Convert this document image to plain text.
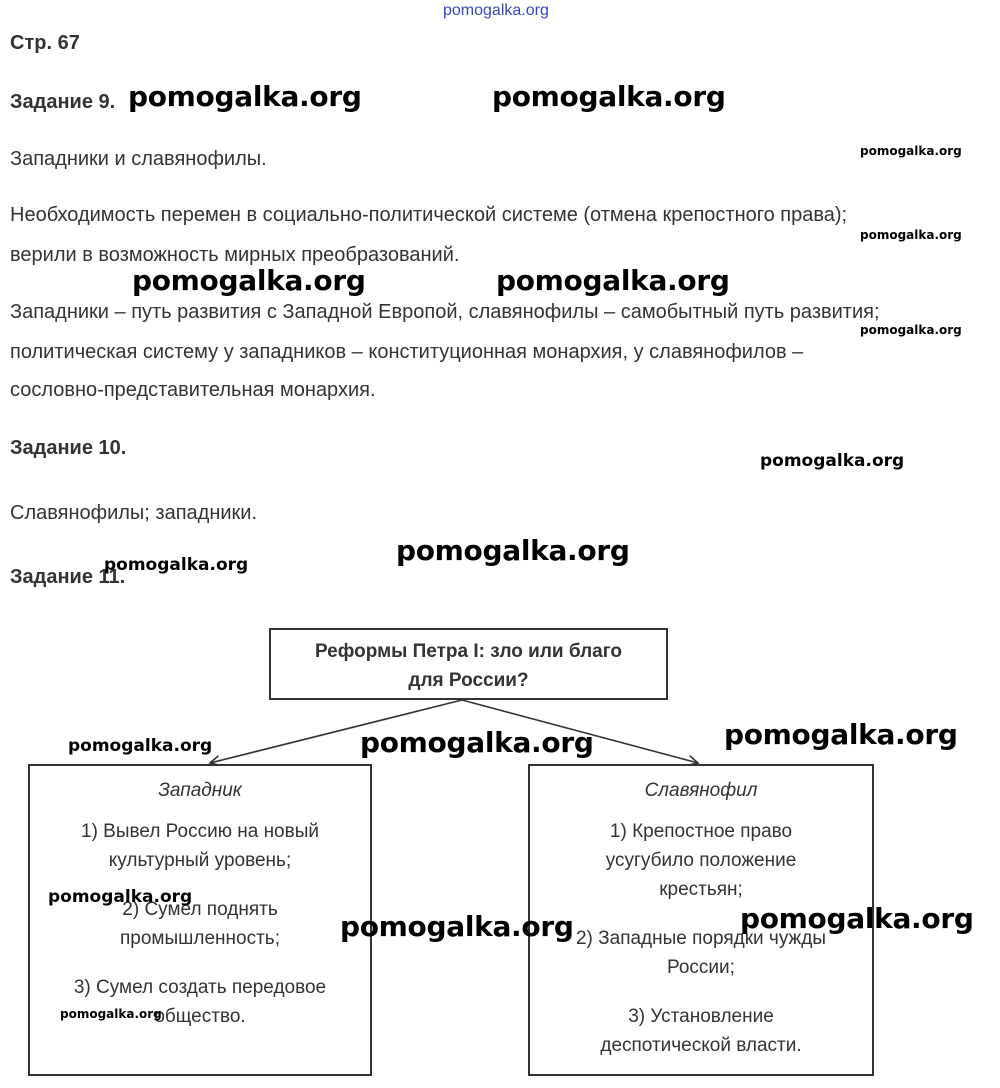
pomogalka.org
Стр. 67
Задание 9.
Западники и славянофилы.
Необходимость перемен в социально-политической системе (отмена крепостного права);
верили в возможность мирных преобразований.
Западники – путь развития с Западной Европой, славянофилы – самобытный путь развития;
политическая систему у западников – конституционная монархия, у славянофилов –
сословно-представительная монархия.
Задание 10.
Славянофилы; западники.
Задание 11.
Реформы Петра I: зло или благо
для России?
Западник
1) Вывел Россию на новый
культурный уровень;
2) Сумел поднять
промышленность;
3) Сумел создать передовое
общество.
Славянофил
1) Крепостное право
усугубило положение
крестьян;
2) Западные порядки чужды
России;
3) Установление
деспотической власти.
pomogalka.org	pomogalka.org
pomogalka.org
pomogalka.org
pomogalka.org	pomogalka.org
pomogalka.org
pomogalka.org
pomogalka.org
pomogalka.org
pomogalka.org
pomogalka.org	pomogalka.org
pomogalka.org
pomogalka.org
pomogalka.org
pomogalka.org
